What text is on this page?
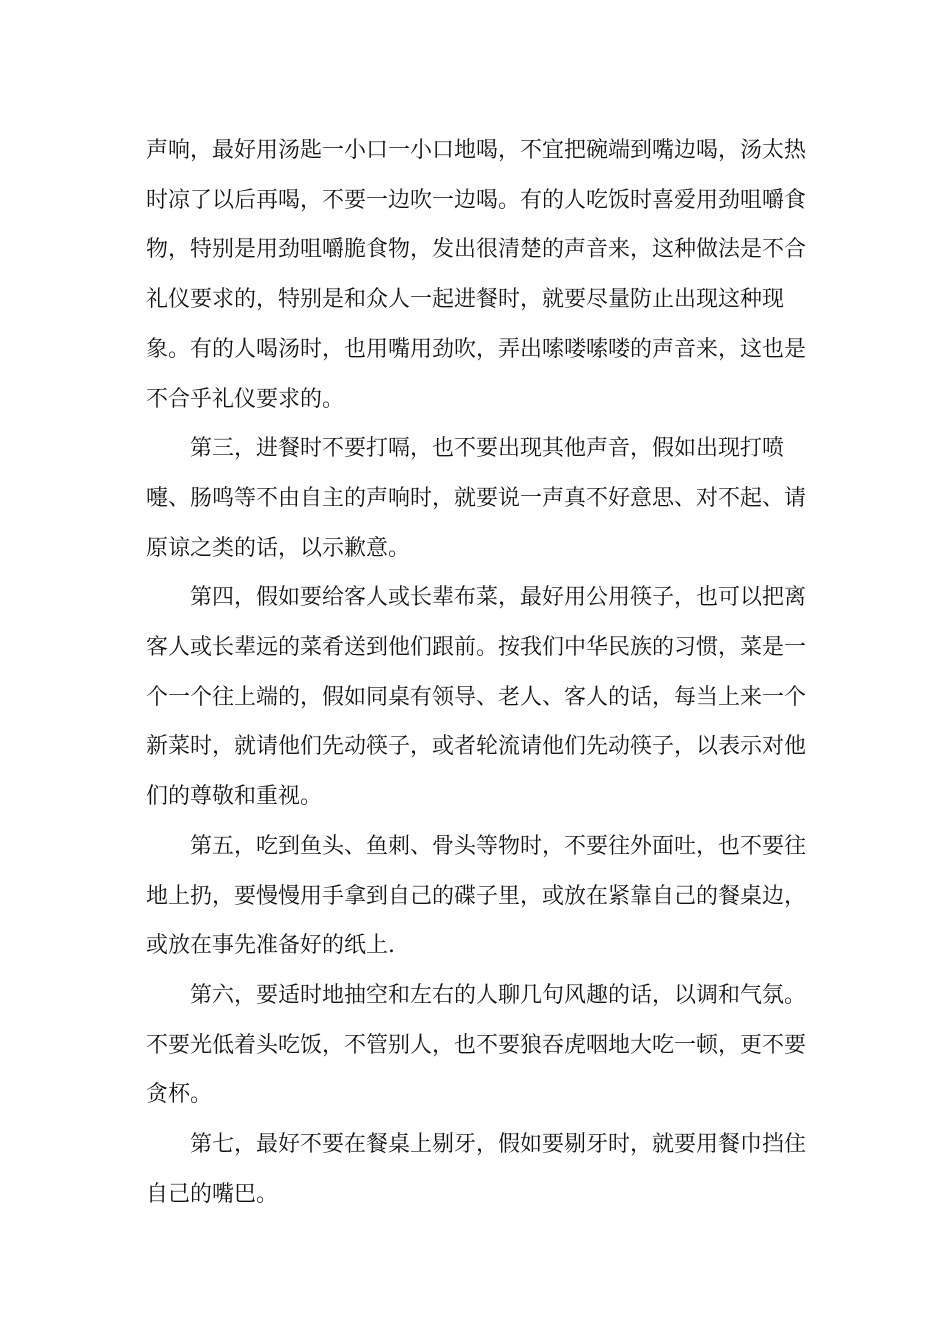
声响，最好用汤匙一小口一小口地喝，不宜把碗端到嘴边喝，汤太热时凉了以后再喝，不要一边吹一边喝。有的人吃饭时喜爱用劲咀嚼食物，特别是用劲咀嚼脆食物，发出很清楚的声音来，这种做法是不合礼仪要求的，特别是和众人一起进餐时，就要尽量防止出现这种现象。有的人喝汤时，也用嘴用劲吹，弄出嗦喽嗦喽的声音来，这也是不合乎礼仪要求的。

第三，进餐时不要打嗝，也不要出现其他声音，假如出现打喷嚏、肠鸣等不由自主的声响时，就要说一声真不好意思、对不起、请原谅之类的话，以示歉意。

第四，假如要给客人或长辈布菜，最好用公用筷子，也可以把离客人或长辈远的菜肴送到他们跟前。按我们中华民族的习惯，菜是一个一个往上端的，假如同桌有领导、老人、客人的话，每当上来一个新菜时，就请他们先动筷子，或者轮流请他们先动筷子，以表示对他们的尊敬和重视。

第五，吃到鱼头、鱼刺、骨头等物时，不要往外面吐，也不要往地上扔，要慢慢用手拿到自己的碟子里，或放在紧靠自己的餐桌边，或放在事先准备好的纸上.

第六，要适时地抽空和左右的人聊几句风趣的话，以调和气氛。不要光低着头吃饭，不管别人，也不要狼吞虎咽地大吃一顿，更不要贪杯。

第七，最好不要在餐桌上剔牙，假如要剔牙时，就要用餐巾挡住自己的嘴巴。
